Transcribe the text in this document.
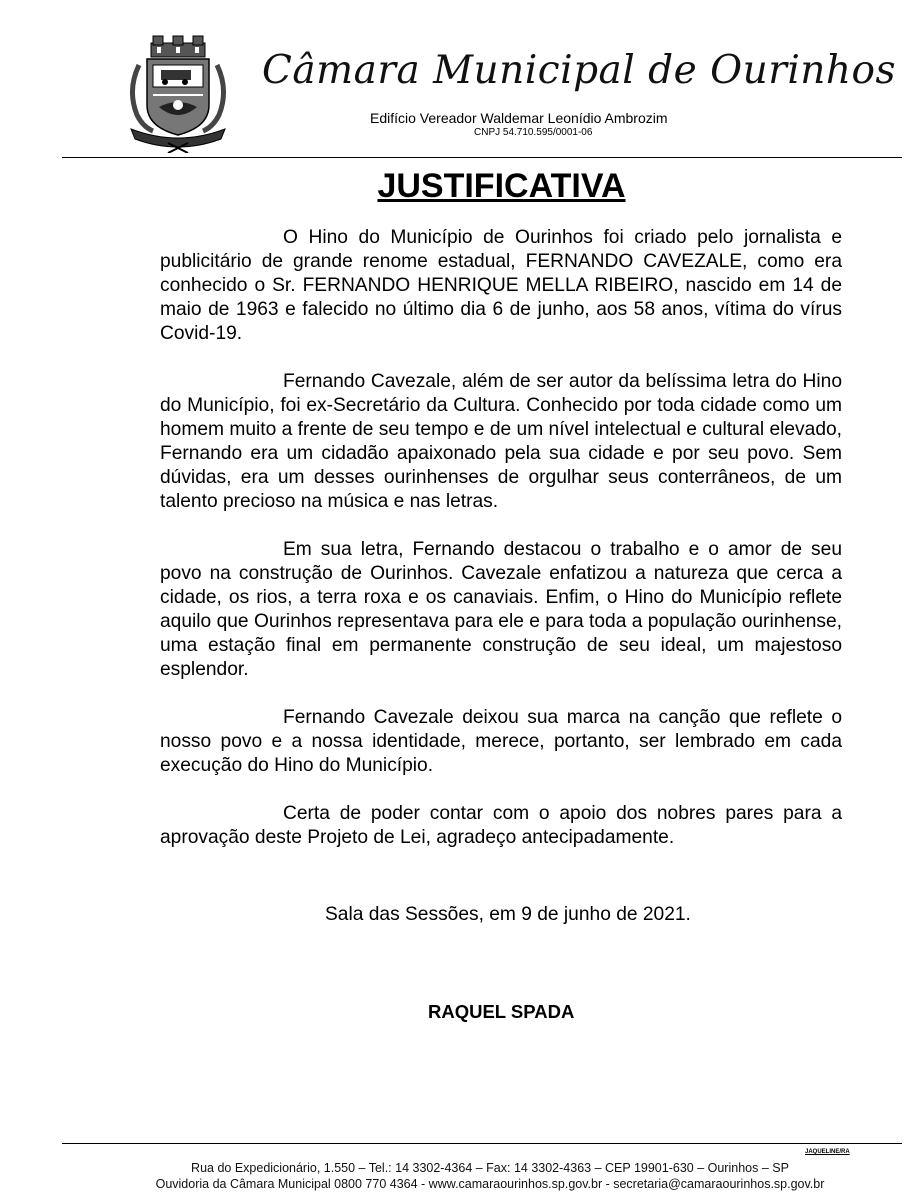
Câmara Municipal de Ourinhos
Edifício Vereador Waldemar Leonídio Ambrozim
CNPJ 54.710.595/0001-06
JUSTIFICATIVA

O Hino do Município de Ourinhos foi criado pelo jornalista e publicitário de grande renome estadual, FERNANDO CAVEZALE, como era conhecido o Sr. FERNANDO HENRIQUE MELLA RIBEIRO, nascido em 14 de maio de 1963 e falecido no último dia 6 de junho, aos 58 anos, vítima do vírus Covid-19.

Fernando Cavezale, além de ser autor da belíssima letra do Hino do Município, foi ex-Secretário da Cultura. Conhecido por toda cidade como um homem muito a frente de seu tempo e de um nível intelectual e cultural elevado, Fernando era um cidadão apaixonado pela sua cidade e por seu povo. Sem dúvidas, era um desses ourinhenses de orgulhar seus conterrâneos, de um talento precioso na música e nas letras.

Em sua letra, Fernando destacou o trabalho e o amor de seu povo na construção de Ourinhos. Cavezale enfatizou a natureza que cerca a cidade, os rios, a terra roxa e os canaviais. Enfim, o Hino do Município reflete aquilo que Ourinhos representava para ele e para toda a população ourinhense, uma estação final em permanente construção de seu ideal, um majestoso esplendor.

Fernando Cavezale deixou sua marca na canção que reflete o nosso povo e a nossa identidade, merece, portanto, ser lembrado em cada execução do Hino do Município.

Certa de poder contar com o apoio dos nobres pares para a aprovação deste Projeto de Lei, agradeço antecipadamente.

Sala das Sessões, em 9 de junho de 2021.
RAQUEL SPADA
JAQUELINE/RA
Rua do Expedicionário, 1.550 – Tel.: 14 3302-4364 – Fax: 14 3302-4363 – CEP 19901-630 – Ourinhos – SP
Ouvidoria da Câmara Municipal 0800 770 4364 - www.camaraourinhos.sp.gov.br - secretaria@camaraourinhos.sp.gov.br
